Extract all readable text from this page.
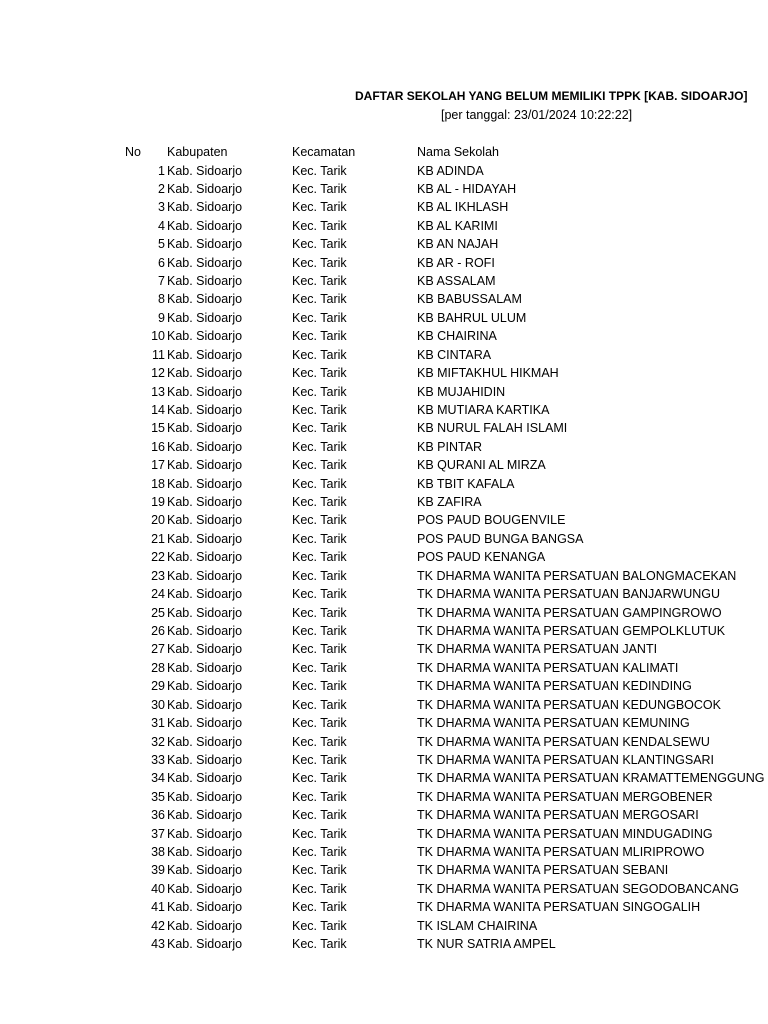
DAFTAR SEKOLAH YANG BELUM MEMILIKI TPPK [KAB. SIDOARJO]
[per tanggal: 23/01/2024 10:22:22]
No	Kabupaten	Kecamatan	Nama Sekolah
1 Kab. Sidoarjo	Kec. Tarik	KB ADINDA
2 Kab. Sidoarjo	Kec. Tarik	KB AL - HIDAYAH
3 Kab. Sidoarjo	Kec. Tarik	KB AL IKHLASH
4 Kab. Sidoarjo	Kec. Tarik	KB AL KARIMI
5 Kab. Sidoarjo	Kec. Tarik	KB AN NAJAH
6 Kab. Sidoarjo	Kec. Tarik	KB AR - ROFI
7 Kab. Sidoarjo	Kec. Tarik	KB ASSALAM
8 Kab. Sidoarjo	Kec. Tarik	KB BABUSSALAM
9 Kab. Sidoarjo	Kec. Tarik	KB BAHRUL ULUM
10 Kab. Sidoarjo	Kec. Tarik	KB CHAIRINA
11 Kab. Sidoarjo	Kec. Tarik	KB CINTARA
12 Kab. Sidoarjo	Kec. Tarik	KB MIFTAKHUL HIKMAH
13 Kab. Sidoarjo	Kec. Tarik	KB MUJAHIDIN
14 Kab. Sidoarjo	Kec. Tarik	KB MUTIARA KARTIKA
15 Kab. Sidoarjo	Kec. Tarik	KB NURUL FALAH ISLAMI
16 Kab. Sidoarjo	Kec. Tarik	KB PINTAR
17 Kab. Sidoarjo	Kec. Tarik	KB QURANI AL MIRZA
18 Kab. Sidoarjo	Kec. Tarik	KB TBIT KAFALA
19 Kab. Sidoarjo	Kec. Tarik	KB ZAFIRA
20 Kab. Sidoarjo	Kec. Tarik	POS PAUD BOUGENVILE
21 Kab. Sidoarjo	Kec. Tarik	POS PAUD BUNGA BANGSA
22 Kab. Sidoarjo	Kec. Tarik	POS PAUD KENANGA
23 Kab. Sidoarjo	Kec. Tarik	TK DHARMA WANITA PERSATUAN BALONGMACEKAN
24 Kab. Sidoarjo	Kec. Tarik	TK DHARMA WANITA PERSATUAN BANJARWUNGU
25 Kab. Sidoarjo	Kec. Tarik	TK DHARMA WANITA PERSATUAN GAMPINGROWO
26 Kab. Sidoarjo	Kec. Tarik	TK DHARMA WANITA PERSATUAN GEMPOLKLUTUK
27 Kab. Sidoarjo	Kec. Tarik	TK DHARMA WANITA PERSATUAN JANTI
28 Kab. Sidoarjo	Kec. Tarik	TK DHARMA WANITA PERSATUAN KALIMATI
29 Kab. Sidoarjo	Kec. Tarik	TK DHARMA WANITA PERSATUAN KEDINDING
30 Kab. Sidoarjo	Kec. Tarik	TK DHARMA WANITA PERSATUAN KEDUNGBOCOK
31 Kab. Sidoarjo	Kec. Tarik	TK DHARMA WANITA PERSATUAN KEMUNING
32 Kab. Sidoarjo	Kec. Tarik	TK DHARMA WANITA PERSATUAN KENDALSEWU
33 Kab. Sidoarjo	Kec. Tarik	TK DHARMA WANITA PERSATUAN KLANTINGSARI
34 Kab. Sidoarjo	Kec. Tarik	TK DHARMA WANITA PERSATUAN KRAMATTEMENGGUNG
35 Kab. Sidoarjo	Kec. Tarik	TK DHARMA WANITA PERSATUAN MERGOBENER
36 Kab. Sidoarjo	Kec. Tarik	TK DHARMA WANITA PERSATUAN MERGOSARI
37 Kab. Sidoarjo	Kec. Tarik	TK DHARMA WANITA PERSATUAN MINDUGADING
38 Kab. Sidoarjo	Kec. Tarik	TK DHARMA WANITA PERSATUAN MLIRIPROWO
39 Kab. Sidoarjo	Kec. Tarik	TK DHARMA WANITA PERSATUAN SEBANI
40 Kab. Sidoarjo	Kec. Tarik	TK DHARMA WANITA PERSATUAN SEGODOBANCANG
41 Kab. Sidoarjo	Kec. Tarik	TK DHARMA WANITA PERSATUAN SINGOGALIH
42 Kab. Sidoarjo	Kec. Tarik	TK ISLAM CHAIRINA
43 Kab. Sidoarjo	Kec. Tarik	TK NUR SATRIA AMPEL
